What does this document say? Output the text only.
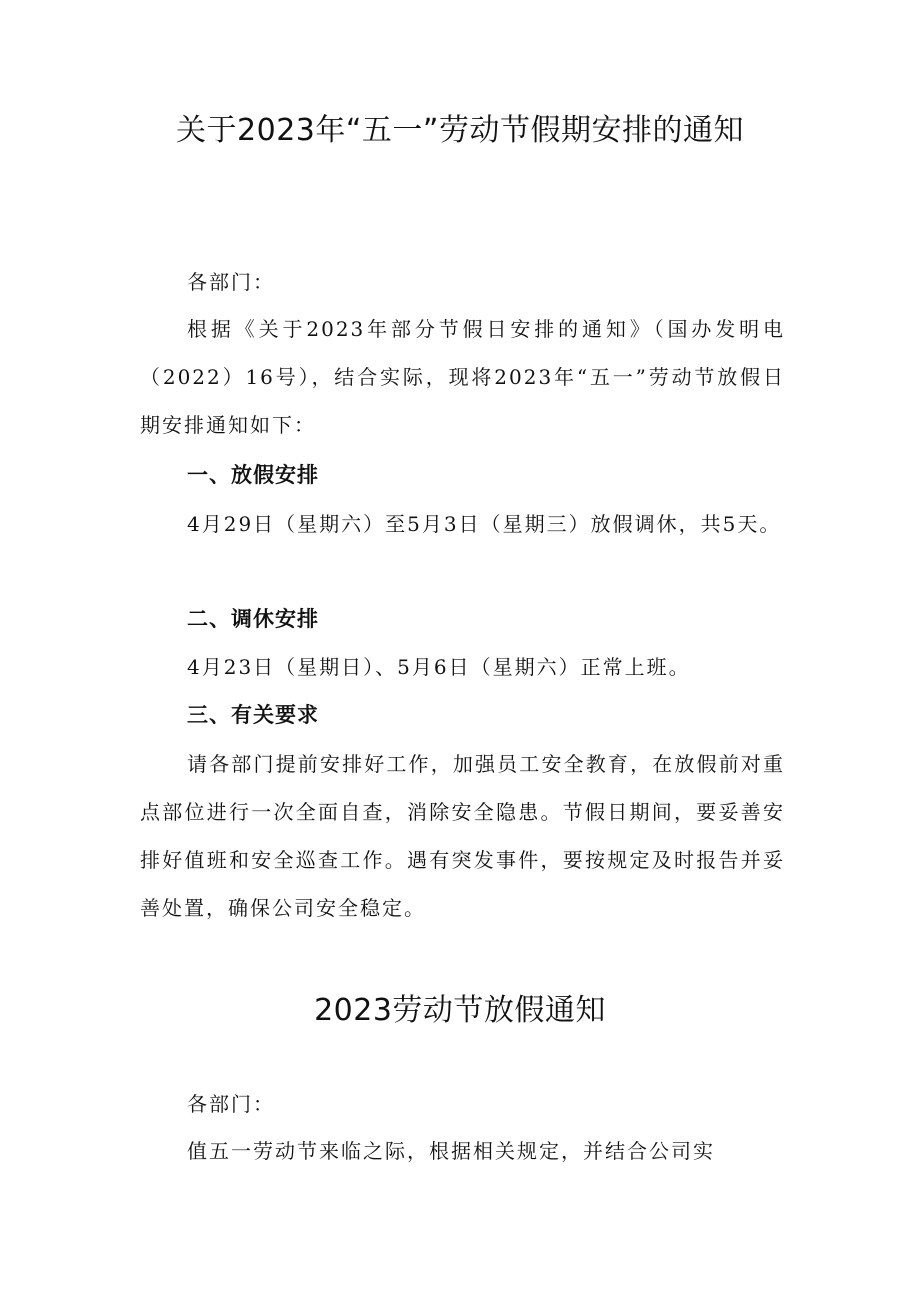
关于2023年“五一”劳动节假期安排的通知

各部门：

根据《关于2023年部分节假日安排的通知》（国办发明电（2022）16号），结合实际，现将2023年“五一”劳动节放假日期安排通知如下：

一、放假安排

4月29日（星期六）至5月3日（星期三）放假调休，共5天。

二、调休安排

4月23日（星期日）、5月6日（星期六）正常上班。

三、有关要求

请各部门提前安排好工作，加强员工安全教育，在放假前对重点部位进行一次全面自查，消除安全隐患。节假日期间，要妥善安排好值班和安全巡查工作。遇有突发事件，要按规定及时报告并妥善处置，确保公司安全稳定。

2023劳动节放假通知

各部门：

值五一劳动节来临之际，根据相关规定，并结合公司实
